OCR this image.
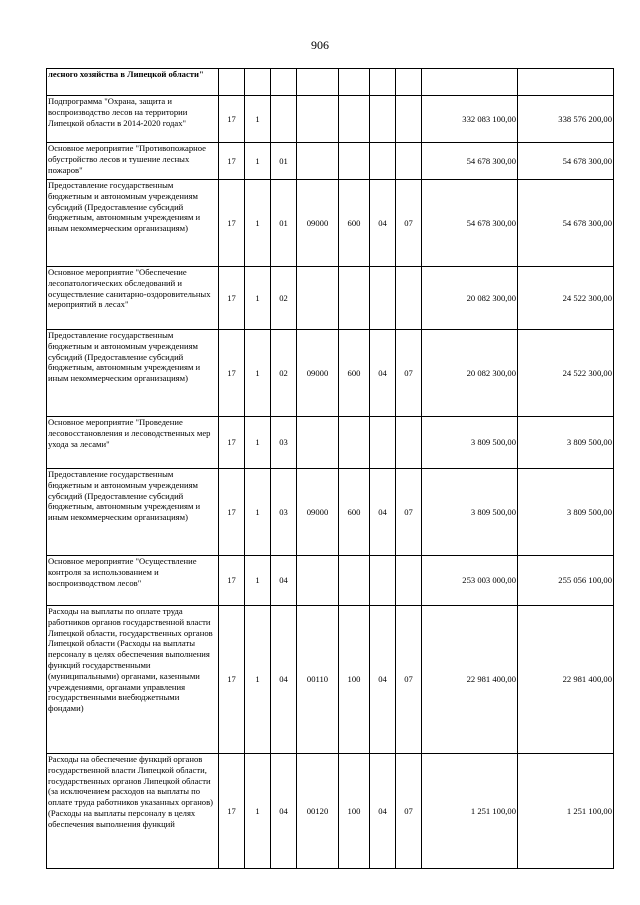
906
лесного хозяйства в Липецкой области"									
Подпрограмма "Охрана, защита и воспроизводство лесов на территории Липецкой области в 2014-2020 годах"	17	1						332 083 100,00	338 576 200,00
Основное мероприятие "Противопожарное обустройство лесов и тушение лесных пожаров"	17	1	01					54 678 300,00	54 678 300,00
Предоставление государственным бюджетным и автономным учреждениям субсидий (Предоставление субсидий бюджетным, автономным учреждениям и иным некоммерческим организациям)	17	1	01	09000	600	04	07	54 678 300,00	54 678 300,00
Основное мероприятие "Обеспечение лесопатологических обследований и осуществление санитарно-оздоровительных мероприятий в лесах"	17	1	02					20 082 300,00	24 522 300,00
Предоставление государственным бюджетным и автономным учреждениям субсидий (Предоставление субсидий бюджетным, автономным учреждениям и иным некоммерческим организациям)	17	1	02	09000	600	04	07	20 082 300,00	24 522 300,00
Основное мероприятие "Проведение лесовосстановления и лесоводственных мер ухода за лесами"	17	1	03					3 809 500,00	3 809 500,00
Предоставление государственным бюджетным и автономным учреждениям субсидий (Предоставление субсидий бюджетным, автономным учреждениям и иным некоммерческим организациям)	17	1	03	09000	600	04	07	3 809 500,00	3 809 500,00
Основное мероприятие "Осуществление контроля за использованием и воспроизводством лесов"	17	1	04					253 003 000,00	255 056 100,00
Расходы на выплаты по оплате труда работников органов государственной власти Липецкой области, государственных органов Липецкой области (Расходы на выплаты персоналу в целях обеспечения выполнения функций государственными (муниципальными) органами, казенными учреждениями, органами управления государственными внебюджетными фондами)	17	1	04	00110	100	04	07	22 981 400,00	22 981 400,00
Расходы на обеспечение функций органов государственной власти Липецкой области, государственных органов Липецкой области (за исключением расходов на выплаты по оплате труда работников указанных органов) (Расходы на выплаты персоналу в целях обеспечения выполнения функций	17	1	04	00120	100	04	07	1 251 100,00	1 251 100,00
